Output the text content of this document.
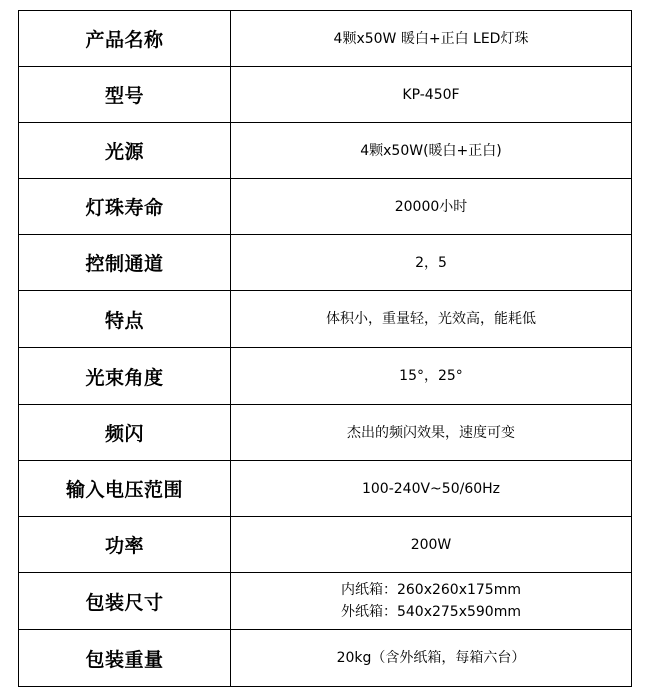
产品名称	4颗x50W 暖白+正白 LED灯珠
型号	KP-450F
光源	4颗x50W(暖白+正白)
灯珠寿命	20000小时
控制通道	2，5
特点	体积小，重量轻，光效高，能耗低
光束角度	15°，25°
频闪	杰出的频闪效果，速度可变
输入电压范围	100-240V~50/60Hz
功率	200W
包装尺寸	内纸箱：260x260x175mm
外纸箱：540x275x590mm

包装重量	20kg（含外纸箱，每箱六台）
